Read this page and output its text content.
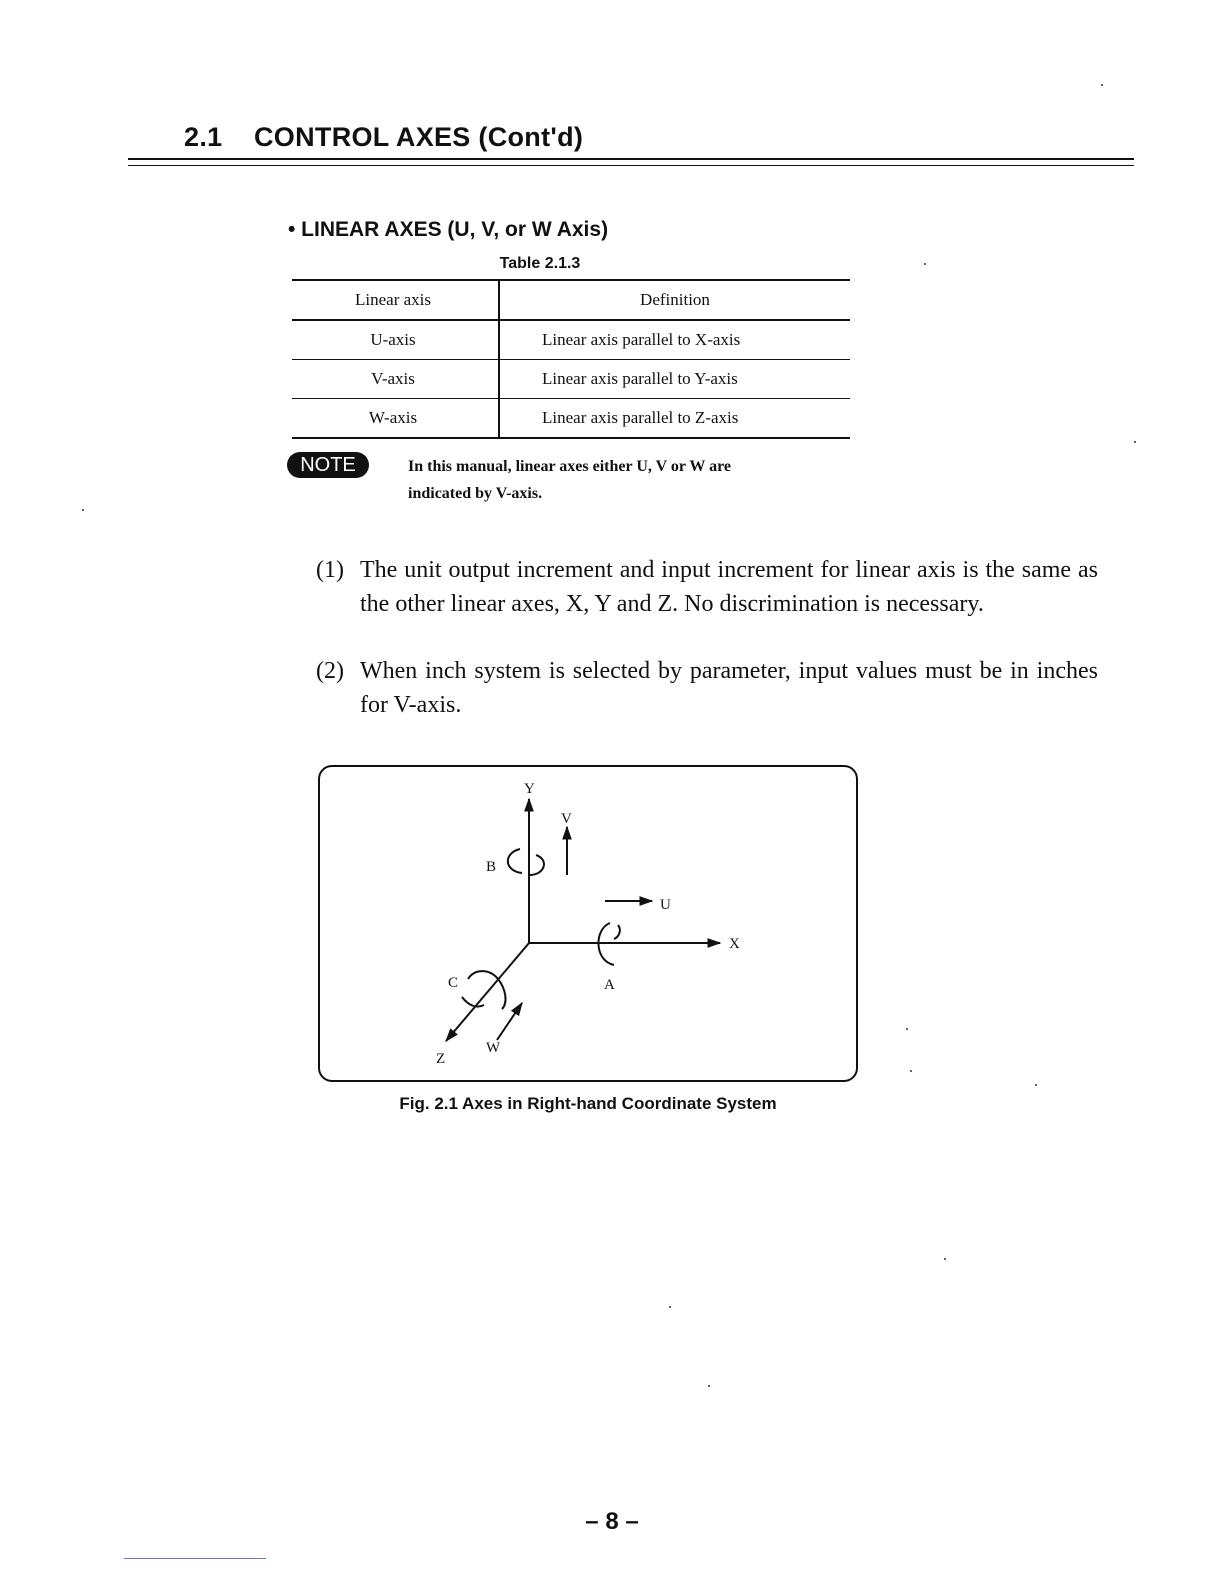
2.1 CONTROL AXES (Cont'd)
• LINEAR AXES (U, V, or W Axis)
Table 2.1.3
Linear axis	Definition
U-axis	Linear axis parallel to X-axis
V-axis	Linear axis parallel to Y-axis
W-axis	Linear axis parallel to Z-axis
NOTE	In this manual, linear axes either U, V or W are
indicated by V-axis.
(1) The unit output increment and input increment for linear axis is the same as the other linear axes, X, Y and Z. No discrimination is necessary.
(2) When inch system is selected by parameter, input values must be in inches for V-axis.
Y
V
B
U
X
A
C
Z
W
Fig. 2.1 Axes in Right-hand Coordinate System
– 8 –
